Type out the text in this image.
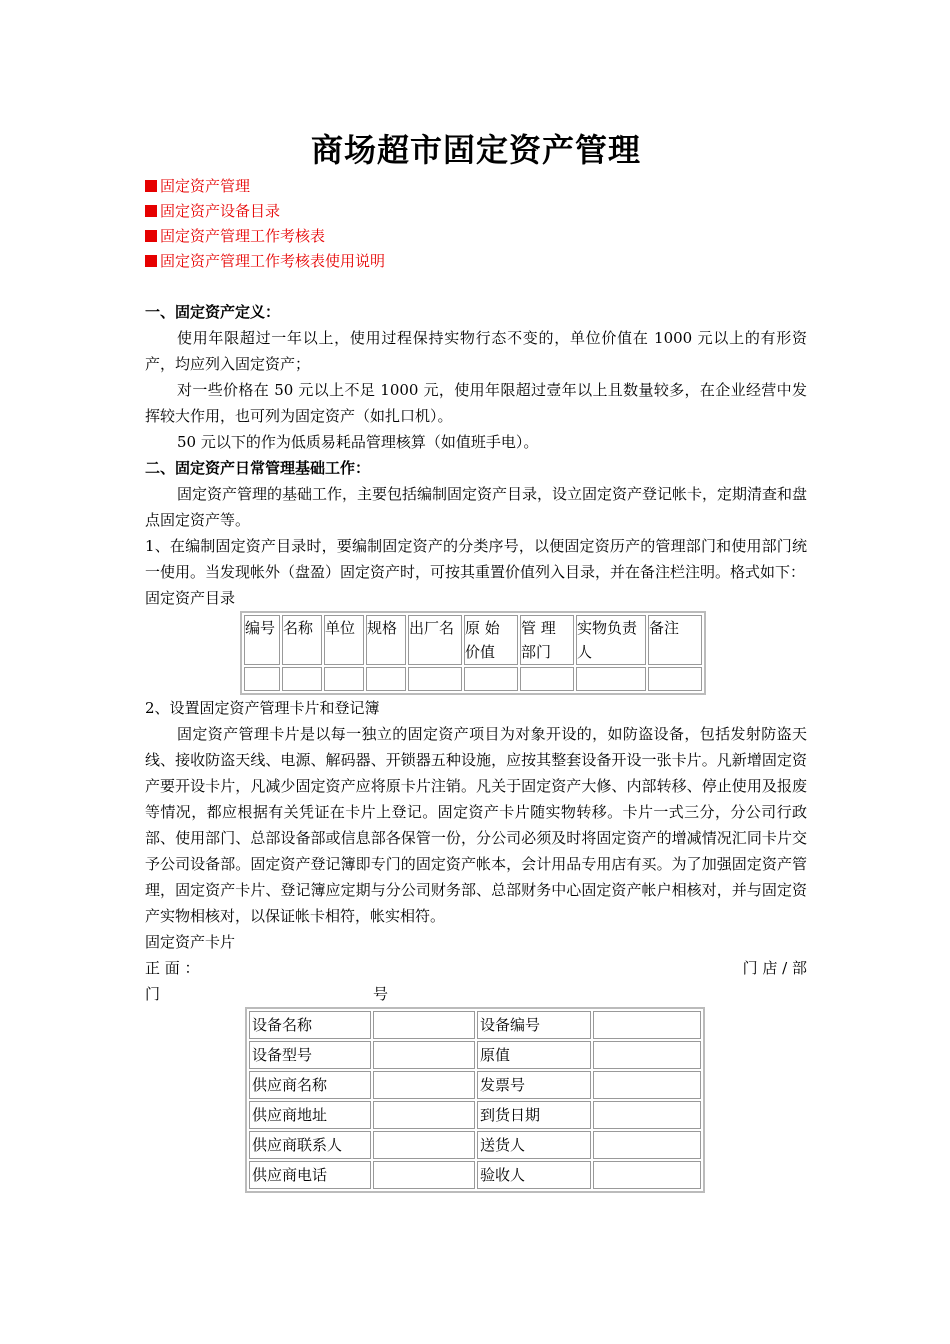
商场超市固定资产管理
固定资产管理
固定资产设备目录
固定资产管理工作考核表
固定资产管理工作考核表使用说明

一、固定资产定义：

使用年限超过一年以上，使用过程保持实物行态不变的，单位价值在 1000 元以上的有形资产，均应列入固定资产；

对一些价格在 50 元以上不足 1000 元，使用年限超过壹年以上且数量较多，在企业经营中发挥较大作用，也可列为固定资产（如扎口机）。

50 元以下的作为低质易耗品管理核算（如值班手电）。

二、固定资产日常管理基础工作：

固定资产管理的基础工作，主要包括编制固定资产目录，设立固定资产登记帐卡，定期清查和盘点固定资产等。

1、在编制固定资产目录时，要编制固定资产的分类序号，以便固定资历产的管理部门和使用部门统一使用。当发现帐外（盘盈）固定资产时，可按其重置价值列入目录，并在备注栏注明。格式如下：

固定资产目录

编号	名称	单位	规格	出厂名	原 始 价值	管 理 部门	实物负责人	备注

2、设置固定资产管理卡片和登记簿

固定资产管理卡片是以每一独立的固定资产项目为对象开设的，如防盗设备，包括发射防盗天线、接收防盗天线、电源、解码器、开锁器五种设施，应按其整套设备开设一张卡片。凡新增固定资产要开设卡片，凡减少固定资产应将原卡片注销。凡关于固定资产大修、内部转移、停止使用及报废等情况，都应根据有关凭证在卡片上登记。固定资产卡片随实物转移。卡片一式三分，分公司行政部、使用部门、总部设备部或信息部各保管一份，分公司必须及时将固定资产的增减情况汇同卡片交予公司设备部。固定资产登记簿即专门的固定资产帐本，会计用品专用店有买。为了加强固定资产管理，固定资产卡片、登记簿应定期与分公司财务部、总部财务中心固定资产帐户相核对，并与固定资产实物相核对，以保证帐卡相符，帐实相符。

固定资产卡片

正 面 ：	门 店 / 部
门	号
设备名称		设备编号	
设备型号		原值	
供应商名称		发票号	
供应商地址		到货日期	
供应商联系人		送货人	
供应商电话		验收人	
